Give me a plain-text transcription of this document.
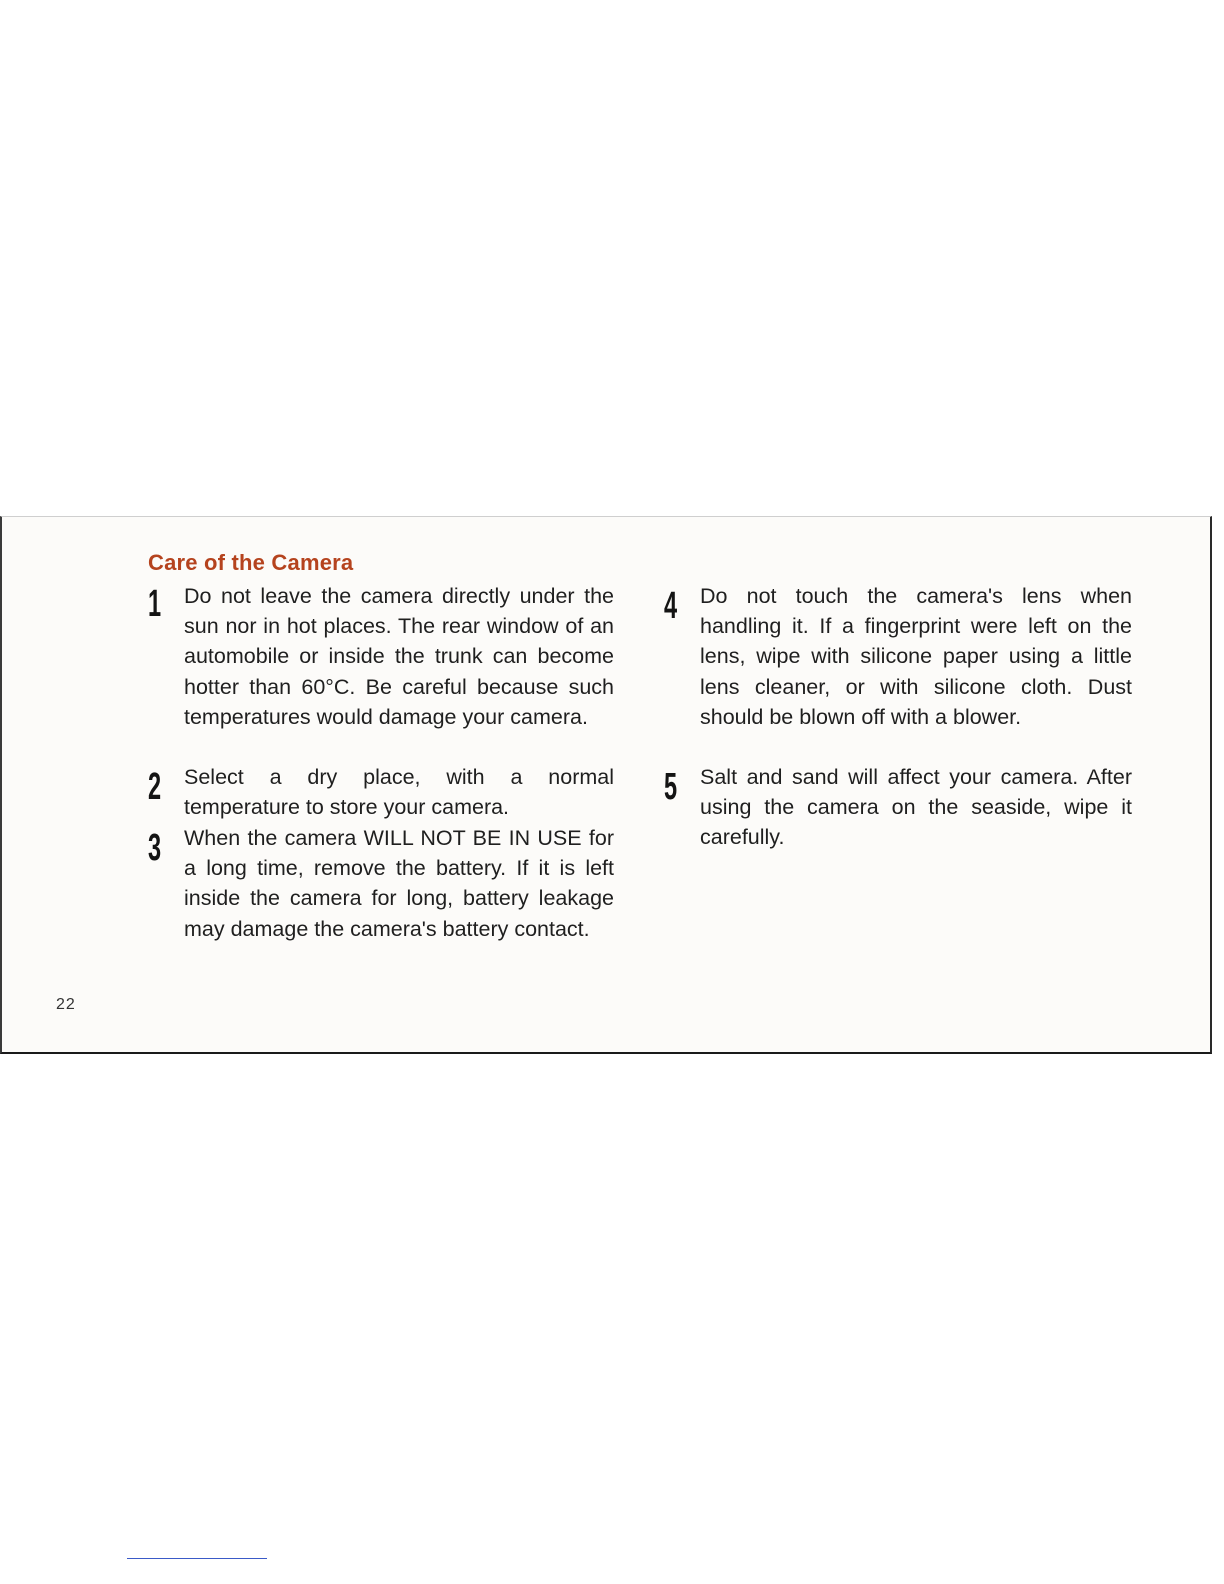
Care of the Camera
1 Do not leave the camera directly under the sun nor in hot places. The rear window of an automobile or inside the trunk can become hotter than 60°C. Be careful because such temperatures would damage your camera.

2 Select a dry place, with a normal temperature to store your camera.

3 When the camera WILL NOT BE IN USE for a long time, remove the battery. If it is left inside the camera for long, battery leakage may damage the camera's battery contact.

4 Do not touch the camera's lens when handling it. If a fingerprint were left on the lens, wipe with silicone paper using a little lens cleaner, or with silicone cloth. Dust should be blown off with a blower.

5 Salt and sand will affect your camera. After using the camera on the seaside, wipe it carefully.

22
